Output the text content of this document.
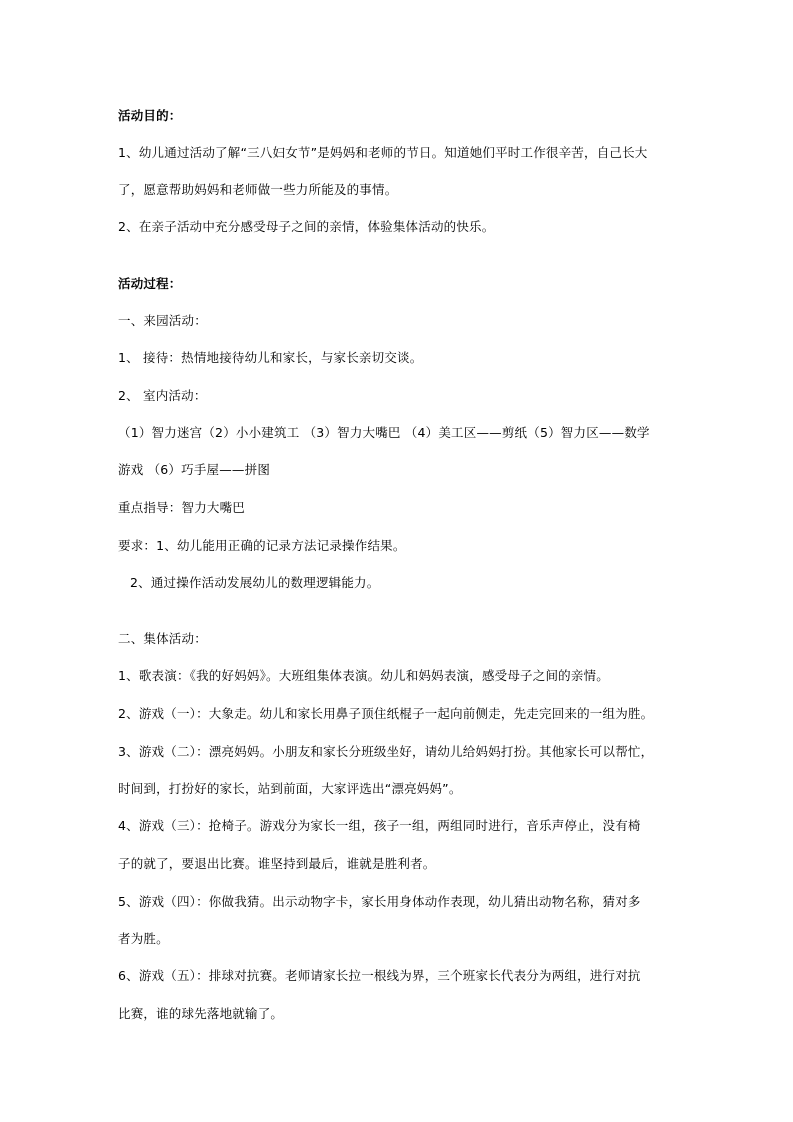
活动目的：
1、幼儿通过活动了解“三八妇女节”是妈妈和老师的节日。知道她们平时工作很辛苦，自己长大
了，愿意帮助妈妈和老师做一些力所能及的事情。
2、在亲子活动中充分感受母子之间的亲情，体验集体活动的快乐。
活动过程：
一、来园活动：
1、 接待：热情地接待幼儿和家长，与家长亲切交谈。
2、 室内活动：
（1）智力迷宫（2）小小建筑工 （3）智力大嘴巴 （4）美工区——剪纸（5）智力区——数学
游戏 （6）巧手屋——拼图
重点指导：智力大嘴巴
要求：1、幼儿能用正确的记录方法记录操作结果。
2、通过操作活动发展幼儿的数理逻辑能力。
二、集体活动：
1、歌表演：《我的好妈妈》。大班组集体表演。幼儿和妈妈表演，感受母子之间的亲情。
2、游戏（一）：大象走。幼儿和家长用鼻子顶住纸棍子一起向前侧走，先走完回来的一组为胜。
3、游戏（二）：漂亮妈妈。小朋友和家长分班级坐好，请幼儿给妈妈打扮。其他家长可以帮忙，
时间到，打扮好的家长，站到前面，大家评选出“漂亮妈妈”。
4、游戏（三）：抢椅子。游戏分为家长一组，孩子一组，两组同时进行，音乐声停止，没有椅
子的就了，要退出比赛。谁坚持到最后，谁就是胜利者。
5、游戏（四）：你做我猜。出示动物字卡，家长用身体动作表现，幼儿猜出动物名称，猜对多
者为胜。
6、游戏（五）：排球对抗赛。老师请家长拉一根线为界，三个班家长代表分为两组，进行对抗
比赛，谁的球先落地就输了。
